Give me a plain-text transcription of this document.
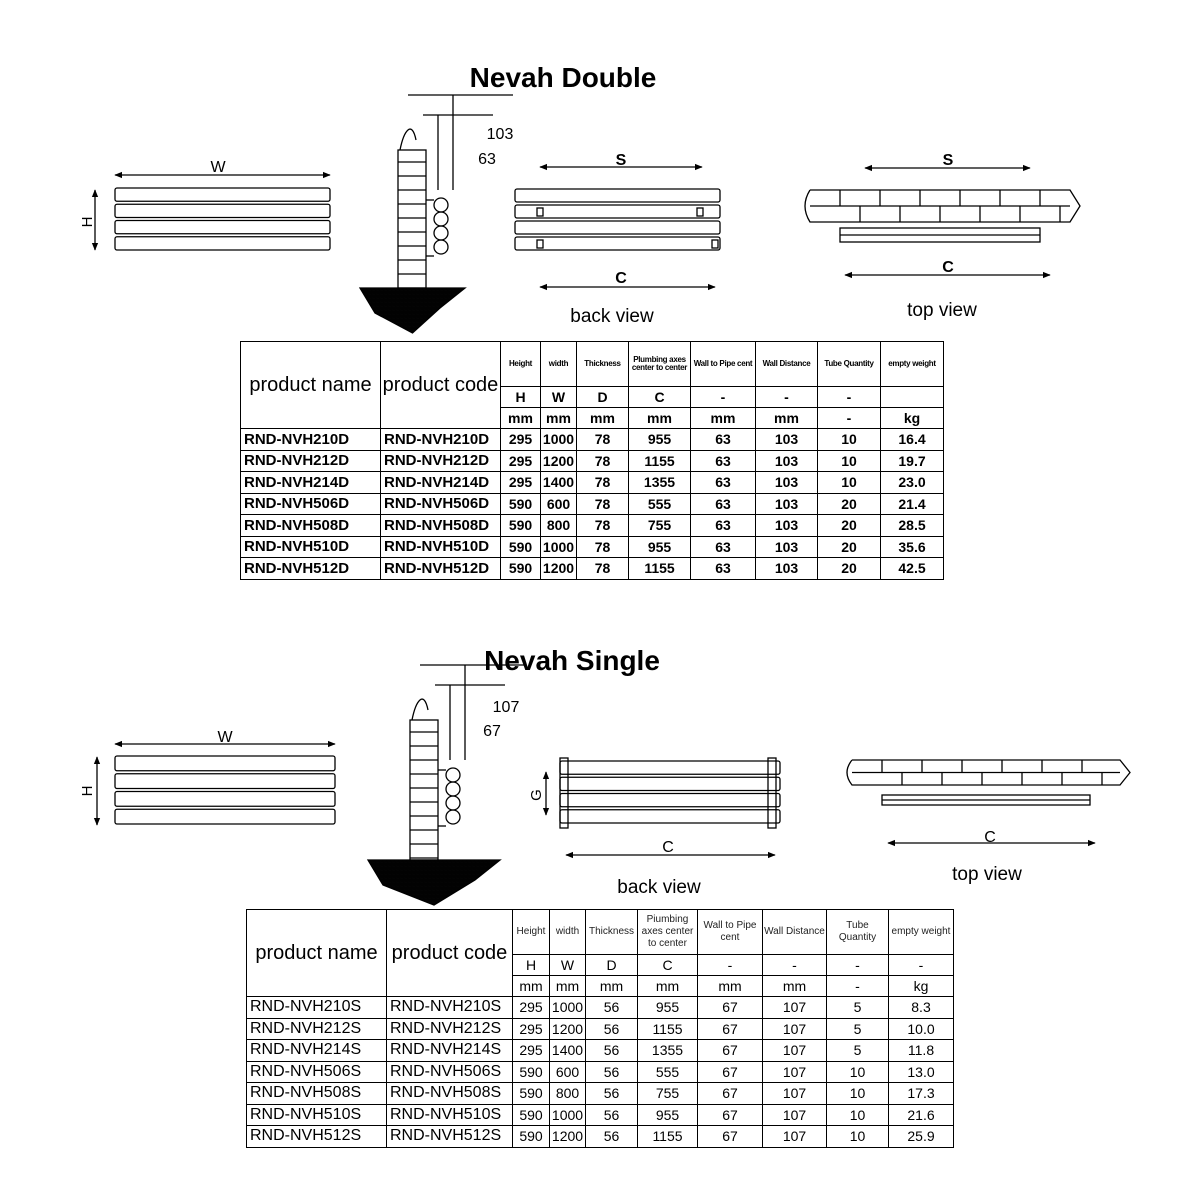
Nevah Double
Nevah Single
W
H
103
63	S
C
back view
S
C
top view
W
H
107
67
G
C
back view
C
top view
product name	product code	Height	width	Thickness	Plumbing axes center to center	Wall to Pipe cent	Wall Distance	Tube Quantity	empty weight
		H	W	D	C	-	-	-	
		mm	mm	mm	mm	mm	mm	-	kg
RND-NVH210D	RND-NVH210D	295	1000	78	955	63	103	10	16.4
RND-NVH212D	RND-NVH212D	295	1200	78	1155	63	103	10	19.7
RND-NVH214D	RND-NVH214D	295	1400	78	1355	63	103	10	23.0
RND-NVH506D	RND-NVH506D	590	600	78	555	63	103	20	21.4
RND-NVH508D	RND-NVH508D	590	800	78	755	63	103	20	28.5
RND-NVH510D	RND-NVH510D	590	1000	78	955	63	103	20	35.6
RND-NVH512D	RND-NVH512D	590	1200	78	1155	63	103	20	42.5
product name	product code	Height	width	Thickness	Piumbing axes center to center	Wall to Pipe cent	Wall Distance	Tube Quantity	empty weight
		H	W	D	C	-	-	-	-
		mm	mm	mm	mm	mm	mm	-	kg
RND-NVH210S	RND-NVH210S	295	1000	56	955	67	107	5	8.3
RND-NVH212S	RND-NVH212S	295	1200	56	1155	67	107	5	10.0
RND-NVH214S	RND-NVH214S	295	1400	56	1355	67	107	5	11.8
RND-NVH506S	RND-NVH506S	590	600	56	555	67	107	10	13.0
RND-NVH508S	RND-NVH508S	590	800	56	755	67	107	10	17.3
RND-NVH510S	RND-NVH510S	590	1000	56	955	67	107	10	21.6
RND-NVH512S	RND-NVH512S	590	1200	56	1155	67	107	10	25.9
